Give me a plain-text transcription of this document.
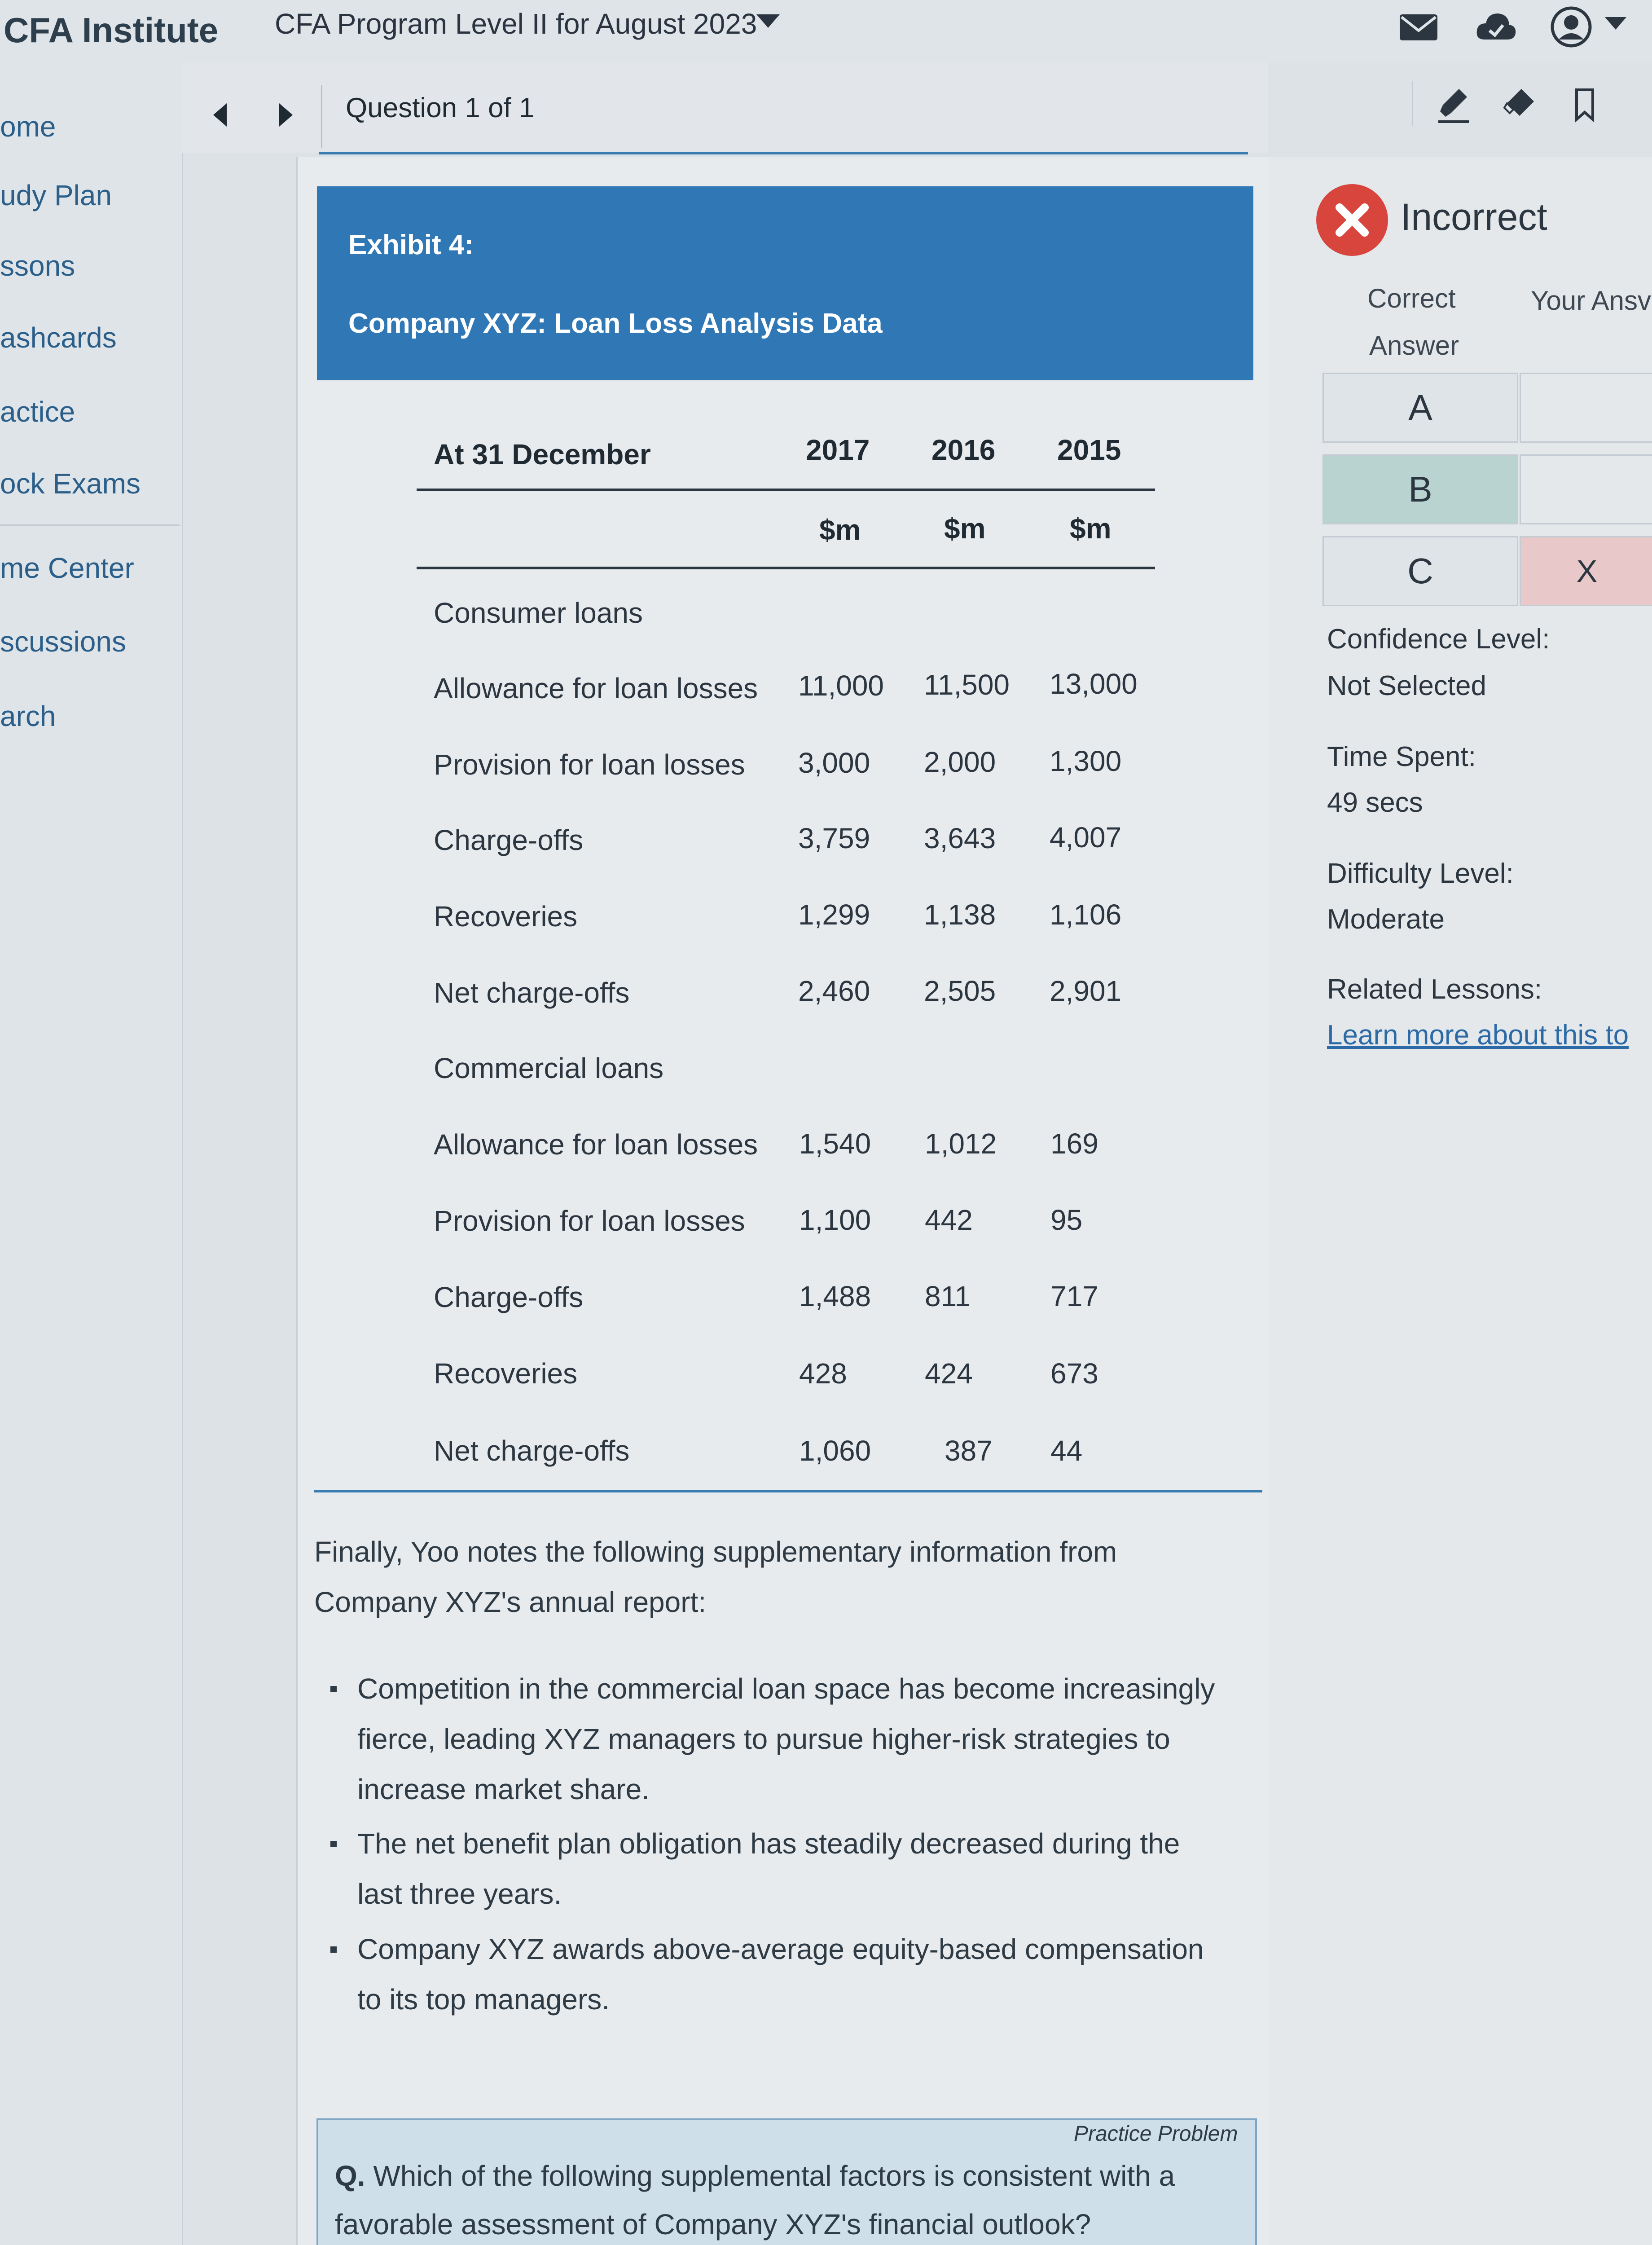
CFA Institute CFA Program Level II for August 2023
ome
udy Plan
ssons
ashcards
actice
ock Exams
me Center
scussions
arch
Question 1 of 1
Exhibit 4:
Company XYZ: Loan Loss Analysis Data
At 31 December	2017 2016 2015
$m	$m	$m
Consumer loans
Allowance for loan losses 11,000 11,500 13,000
Provision for loan losses 3,000 2,000 1,300
Charge-offs	3,759 3,643 4,007
Recoveries	1,299 1,138 1,106
Net charge-offs	2,460 2,505 2,901
Commercial loans
Allowance for loan losses 1,540 1,012 169
Provision for loan losses 1,100 442	95
Charge-offs	1,488 811	717
Recoveries	428	424	673
Net charge-offs	1,060	387 44
Finally, Yoo notes the following supplementary information from
Company XYZ's annual report:
Competition in the commercial loan space has become increasingly
fierce, leading XYZ managers to pursue higher-risk strategies to
increase market share.
The net benefit plan obligation has steadily decreased during the
last three years.
Company XYZ awards above-average equity-based compensation
to its top managers.
Practice Problem
Q. Which of the following supplemental factors is consistent with a
favorable assessment of Company XYZ's financial outlook?
Incorrect
Correct
Answer
Your Ansv
A
B
C	X
Confidence Level:
Not Selected
Time Spent:
49 secs
Difficulty Level:
Moderate
Related Lessons:
Learn more about this to
